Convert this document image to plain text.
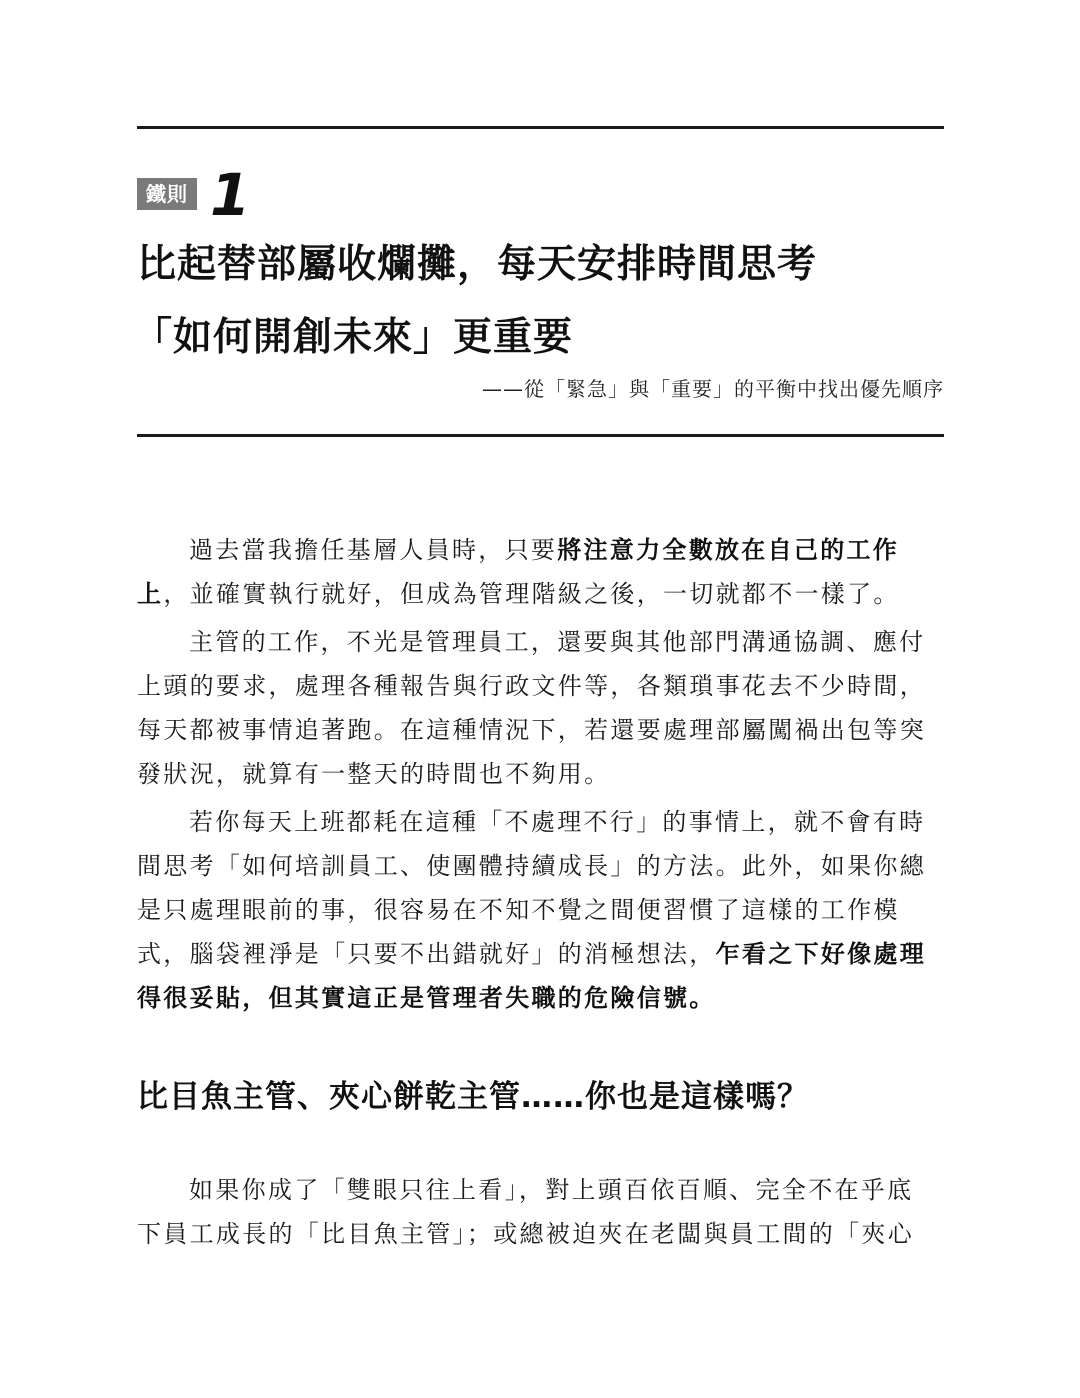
鐵則 1
比起替部屬收爛攤，每天安排時間思考
「如何開創未來」更重要
——從「緊急」與「重要」的平衡中找出優先順序
過去當我擔任基層人員時，只要將注意力全數放在自己的工作
上，並確實執行就好，但成為管理階級之後，一切就都不一樣了。
主管的工作，不光是管理員工，還要與其他部門溝通協調、應付
上頭的要求，處理各種報告與行政文件等，各類瑣事花去不少時間，
每天都被事情追著跑。在這種情況下，若還要處理部屬闖禍出包等突
發狀況，就算有一整天的時間也不夠用。
若你每天上班都耗在這種「不處理不行」的事情上，就不會有時
間思考「如何培訓員工、使團體持續成長」的方法。此外，如果你總
是只處理眼前的事，很容易在不知不覺之間便習慣了這樣的工作模
式，腦袋裡淨是「只要不出錯就好」的消極想法，乍看之下好像處理
得很妥貼，但其實這正是管理者失職的危險信號。
比目魚主管、夾心餅乾主管……你也是這樣嗎？
如果你成了「雙眼只往上看」，對上頭百依百順、完全不在乎底
下員工成長的「比目魚主管」；或總被迫夾在老闆與員工間的「夾心
